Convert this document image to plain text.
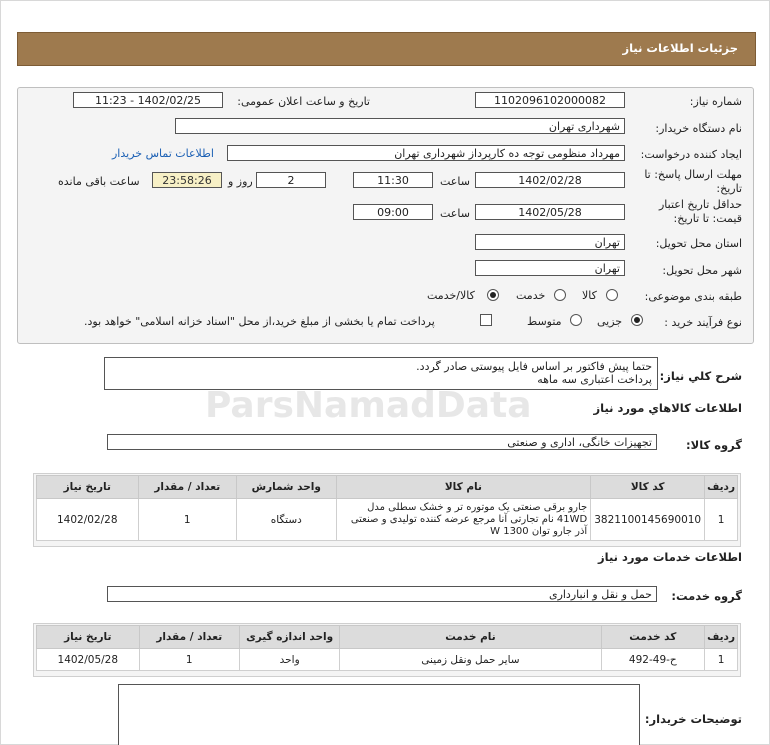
جزئیات اطلاعات نیاز
شماره نیاز:
1102096102000082
تاریخ و ساعت اعلان عمومی:
1402/02/25 - 11:23
نام دستگاه خریدار:
شهرداری تهران
ایجاد کننده درخواست:
مهرداد منظومی توجه ده کارپرداز شهرداری تهران
اطلاعات تماس خریدار
مهلت ارسال پاسخ: تا تاریخ:
1402/02/28
ساعت
11:30
2
روز و
23:58:26
ساعت باقی مانده
حداقل تاریخ اعتبار قیمت: تا تاریخ:
1402/05/28
ساعت
09:00
استان محل تحویل:
تهران
شهر محل تحویل:
تهران
طبقه بندی موضوعی:
کالا
خدمت
کالا/خدمت
نوع فرآیند خرید :
جزیی
متوسط
پرداخت تمام یا بخشی از مبلغ خرید،از محل "اسناد خزانه اسلامی" خواهد بود.
شرح کلي نياز:
حتما پیش فاکتور بر اساس فایل پیوستی صادر گردد.
پرداخت اعتباری سه ماهه
اطلاعات کالاهاي مورد نياز
گروه کالا:
تجهیزات خانگی، اداری و صنعتی
ردیف	کد کالا	نام کالا	واحد شمارش	تعداد / مقدار	تاریخ نیاز
1	3821100145690010	جارو برقی صنعتی یک موتوره تر و خشک سطلی مدل 41WD نام تجارتی آنا مرجع عرضه کننده تولیدی و صنعتی آذر جارو توان 1300 W	دستگاه	1	1402/02/28
اطلاعات خدمات مورد نیاز
گروه خدمت:
حمل و نقل و انبارداری
ردیف	کد خدمت	نام خدمت	واحد اندازه گیری	تعداد / مقدار	تاریخ نیاز
1	ح-49-492	سایر حمل ونقل زمینی	واحد	1	1402/05/28
توضیحات خریدار:
